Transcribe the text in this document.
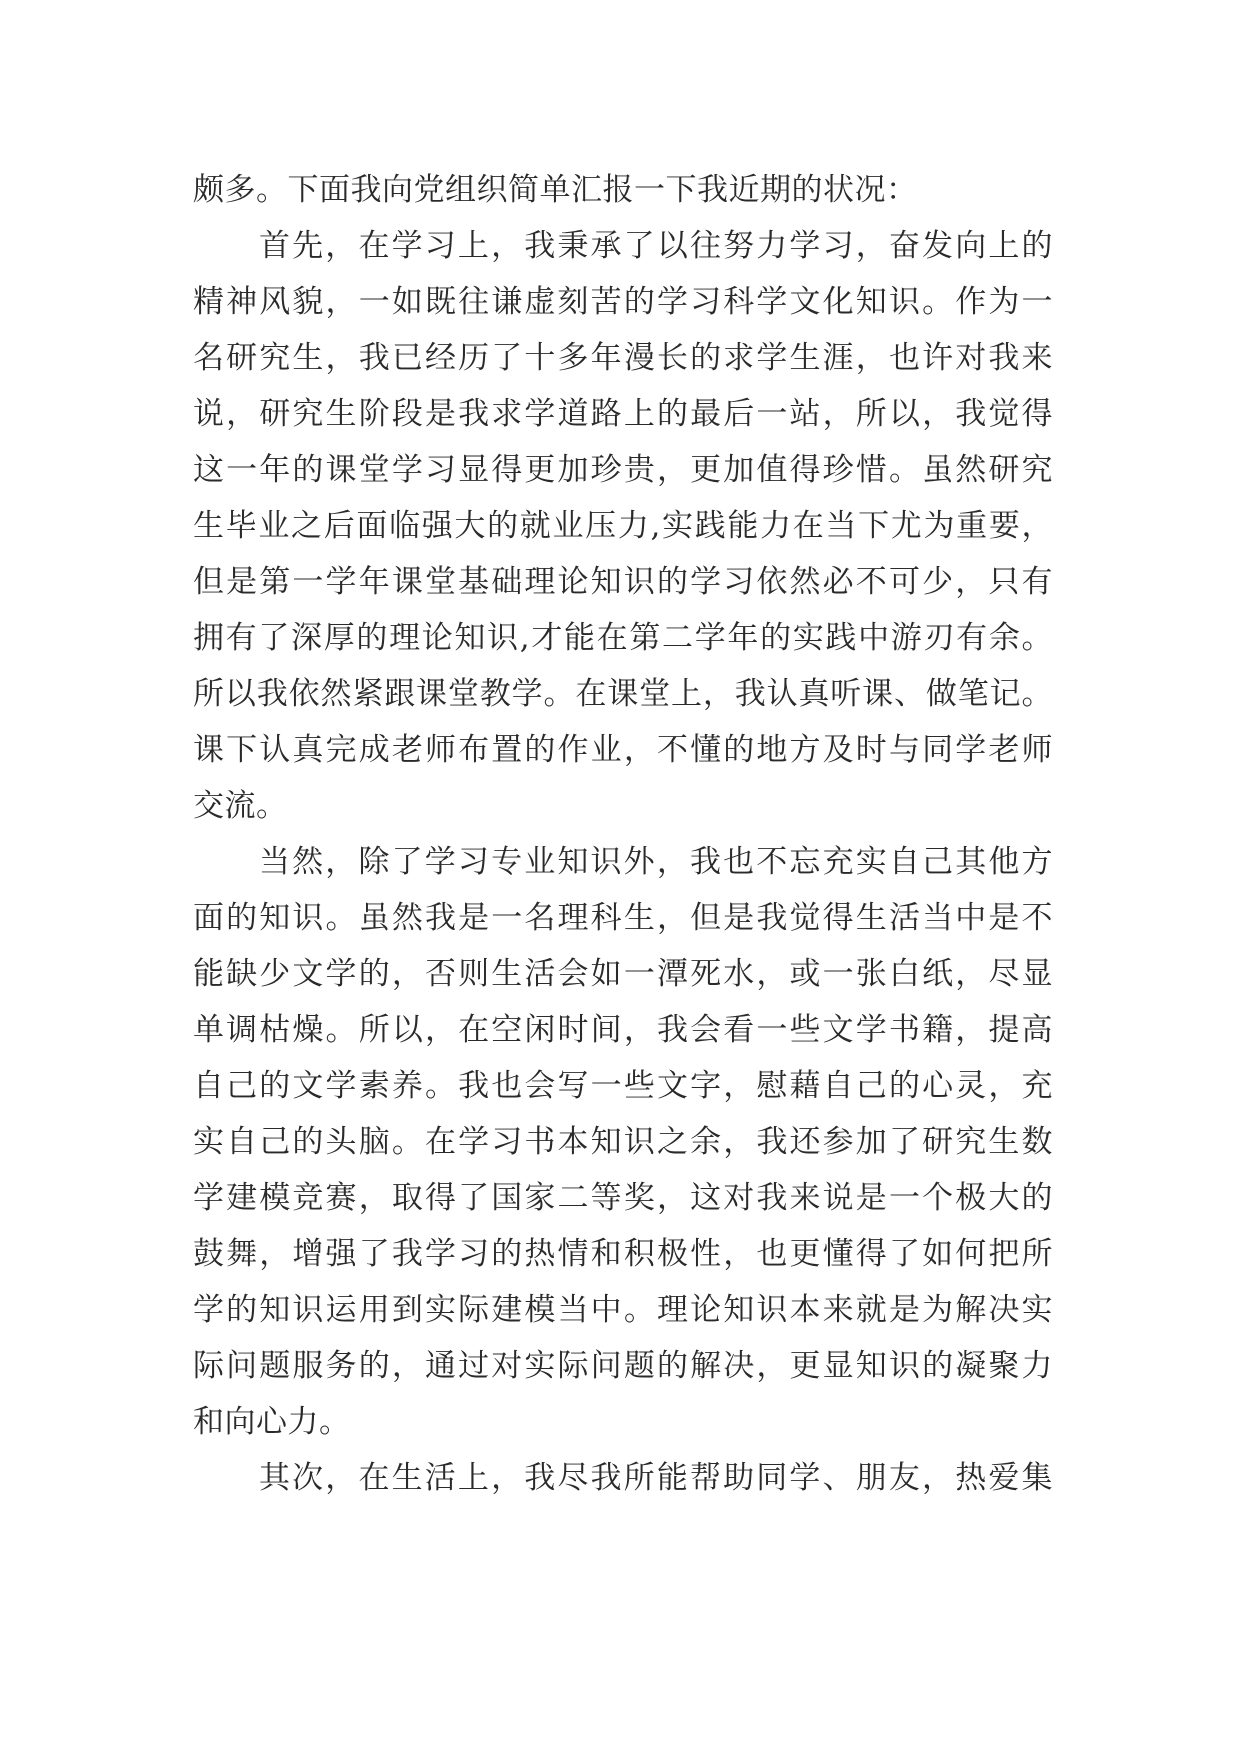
颇多。下面我向党组织简单汇报一下我近期的状况：
首先，在学习上，我秉承了以往努力学习，奋发向上的
精神风貌，一如既往谦虚刻苦的学习科学文化知识。作为一
名研究生，我已经历了十多年漫长的求学生涯，也许对我来
说，研究生阶段是我求学道路上的最后一站，所以，我觉得
这一年的课堂学习显得更加珍贵，更加值得珍惜。虽然研究
生毕业之后面临强大的就业压力,实践能力在当下尤为重要，
但是第一学年课堂基础理论知识的学习依然必不可少，只有
拥有了深厚的理论知识,才能在第二学年的实践中游刃有余。
所以我依然紧跟课堂教学。在课堂上，我认真听课、做笔记。
课下认真完成老师布置的作业，不懂的地方及时与同学老师
交流。
当然，除了学习专业知识外，我也不忘充实自己其他方
面的知识。虽然我是一名理科生，但是我觉得生活当中是不
能缺少文学的，否则生活会如一潭死水，或一张白纸，尽显
单调枯燥。所以，在空闲时间，我会看一些文学书籍，提高
自己的文学素养。我也会写一些文字，慰藉自己的心灵，充
实自己的头脑。在学习书本知识之余，我还参加了研究生数
学建模竞赛，取得了国家二等奖，这对我来说是一个极大的
鼓舞，增强了我学习的热情和积极性，也更懂得了如何把所
学的知识运用到实际建模当中。理论知识本来就是为解决实
际问题服务的，通过对实际问题的解决，更显知识的凝聚力
和向心力。
其次，在生活上，我尽我所能帮助同学、朋友，热爱集
